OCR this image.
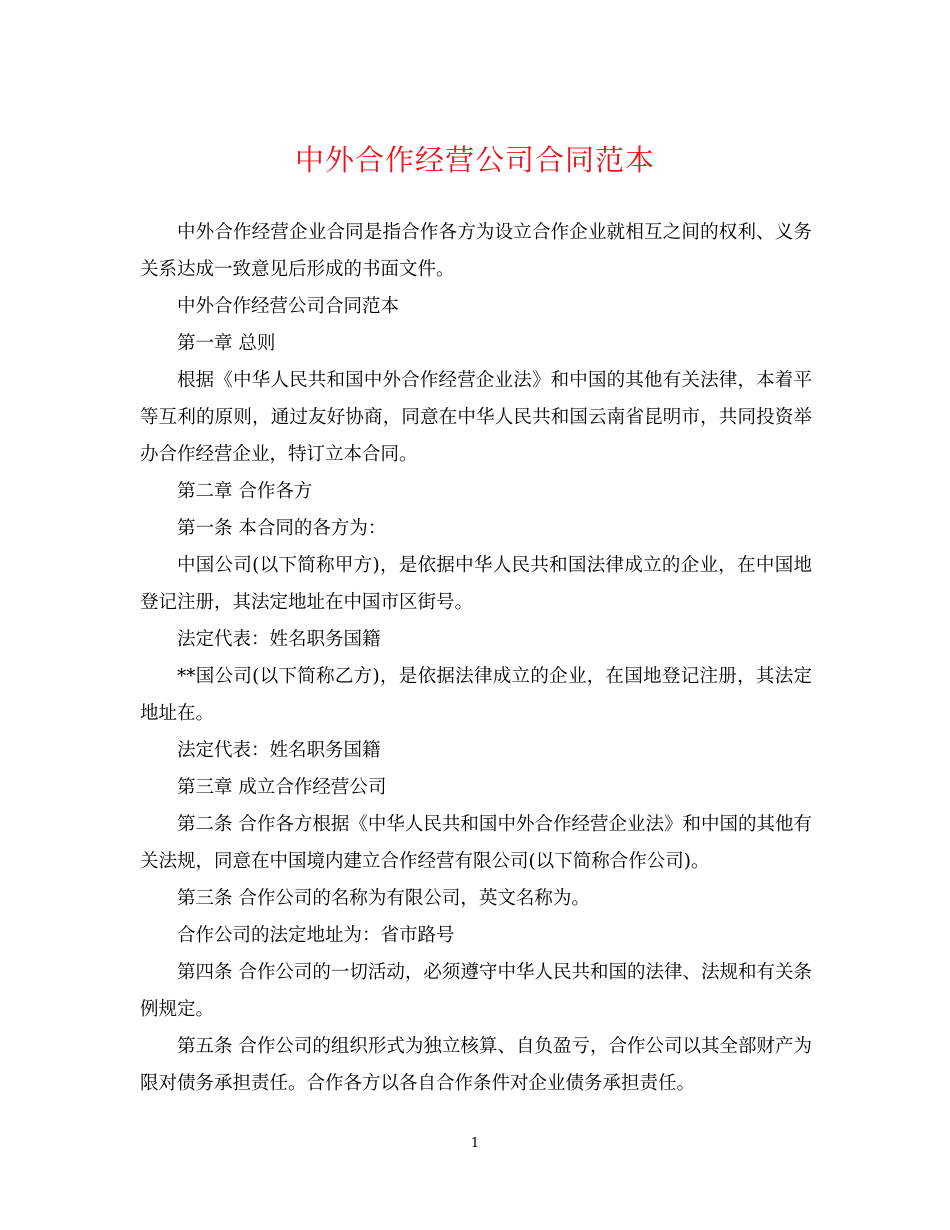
中外合作经营公司合同范本

中外合作经营企业合同是指合作各方为设立合作企业就相互之间的权利、义务关系达成一致意见后形成的书面文件。

中外合作经营公司合同范本

第一章 总则

根据《中华人民共和国中外合作经营企业法》和中国的其他有关法律，本着平等互利的原则，通过友好协商，同意在中华人民共和国云南省昆明市，共同投资举办合作经营企业，特订立本合同。

第二章 合作各方

第一条 本合同的各方为：

中国公司(以下简称甲方)，是依据中华人民共和国法律成立的企业，在中国地登记注册，其法定地址在中国市区街号。

法定代表：姓名职务国籍

**国公司(以下简称乙方)，是依据法律成立的企业，在国地登记注册，其法定地址在。

法定代表：姓名职务国籍

第三章 成立合作经营公司

第二条 合作各方根据《中华人民共和国中外合作经营企业法》和中国的其他有关法规，同意在中国境内建立合作经营有限公司(以下简称合作公司)。

第三条 合作公司的名称为有限公司，英文名称为。

合作公司的法定地址为：省市路号

第四条 合作公司的一切活动，必须遵守中华人民共和国的法律、法规和有关条例规定。

第五条 合作公司的组织形式为独立核算、自负盈亏，合作公司以其全部财产为限对债务承担责任。合作各方以各自合作条件对企业债务承担责任。

1
